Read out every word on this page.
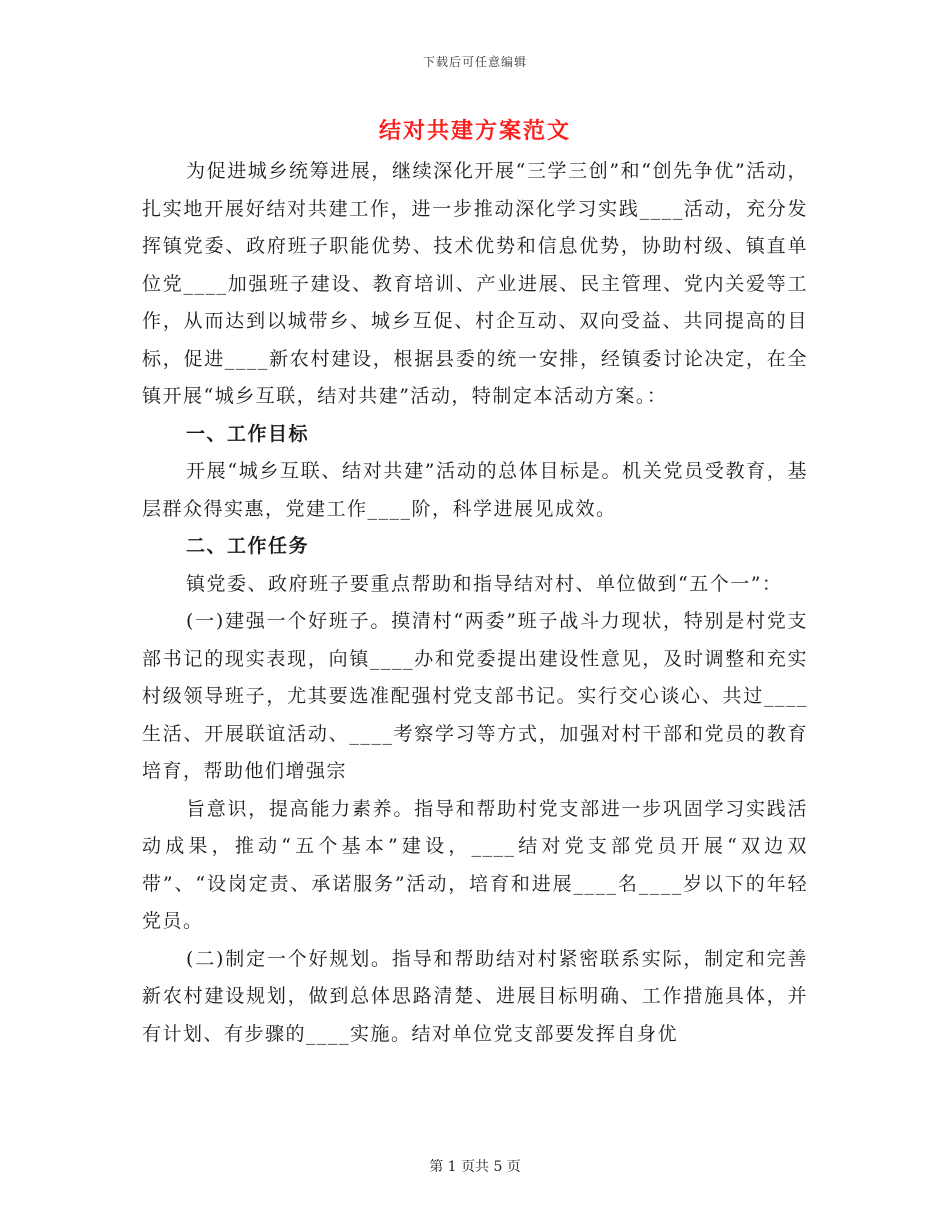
下载后可任意编辑
结对共建方案范文

为促进城乡统筹进展，继续深化开展“三学三创”和“创先争优”活动，扎实地开展好结对共建工作，进一步推动深化学习实践____活动，充分发挥镇党委、政府班子职能优势、技术优势和信息优势，协助村级、镇直单位党____加强班子建设、教育培训、产业进展、民主管理、党内关爱等工作，从而达到以城带乡、城乡互促、村企互动、双向受益、共同提高的目标，促进____新农村建设，根据县委的统一安排，经镇委讨论决定，在全镇开展“城乡互联，结对共建”活动，特制定本活动方案。：

一、工作目标

开展“城乡互联、结对共建”活动的总体目标是。机关党员受教育，基层群众得实惠，党建工作____阶，科学进展见成效。

二、工作任务

镇党委、政府班子要重点帮助和指导结对村、单位做到“五个一”：

(一)建强一个好班子。摸清村“两委”班子战斗力现状，特别是村党支部书记的现实表现，向镇____办和党委提出建设性意见，及时调整和充实村级领导班子，尤其要选准配强村党支部书记。实行交心谈心、共过____生活、开展联谊活动、____考察学习等方式，加强对村干部和党员的教育培育，帮助他们增强宗

旨意识，提高能力素养。指导和帮助村党支部进一步巩固学习实践活动成果，推动“五个基本”建设，____结对党支部党员开展“双边双带”、“设岗定责、承诺服务”活动，培育和进展____名____岁以下的年轻党员。

(二)制定一个好规划。指导和帮助结对村紧密联系实际，制定和完善新农村建设规划，做到总体思路清楚、进展目标明确、工作措施具体，并有计划、有步骤的____实施。结对单位党支部要发挥自身优

第 1 页共 5 页
